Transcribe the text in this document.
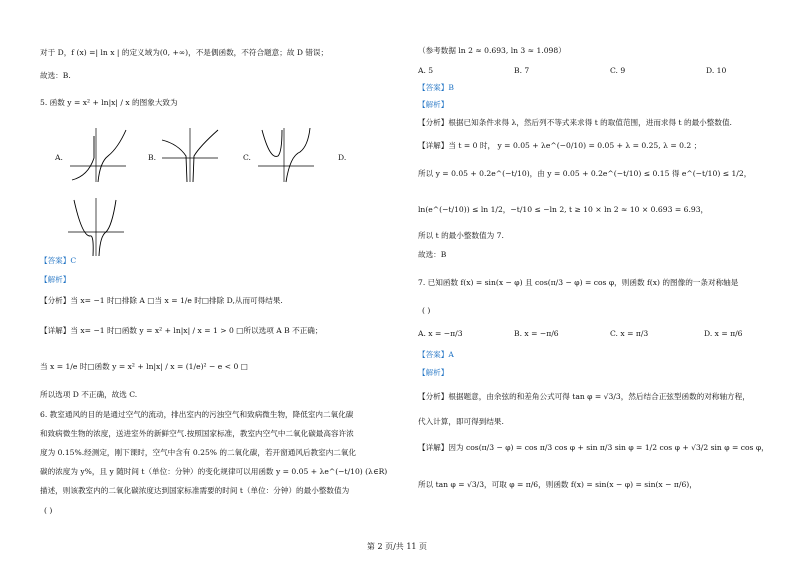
对于 D，f (x) =| ln x | 的定义域为(0, +∞)，不是偶函数，不符合题意；故 D 错误；
故选：B.
5. 函数 y = x² + ln|x| / x 的图象大致为
A.	B.	C.	D.
【答案】C
【解析】
【分析】当 x= −1 时□排除 A □当 x = 1/e 时□排除 D,从而可得结果.
【详解】当 x= −1 时□函数 y = x² + ln|x| / x = 1 > 0 □所以选项 A B 不正确；
当 x = 1/e 时□函数 y = x² + ln|x| / x = (1/e)² − e < 0 □
所以选项 D 不正确，故选 C.
6. 教室通风的目的是通过空气的流动，排出室内的污浊空气和致病微生物，降低室内二氧化碳
和致病微生物的浓度，送进室外的新鲜空气.按照国家标准，教室内空气中二氧化碳最高容许浓
度为 0.15%.经测定，刚下课时，空气中含有 0.25% 的二氧化碳，若开窗通风后教室内二氧化
碳的浓度为 y%，且 y 随时间 t（单位：分钟）的变化规律可以用函数 y = 0.05 + λe^(−t/10) (λ∈R)
描述，则该教室内的二氧化碳浓度达到国家标准需要的时间 t（单位：分钟）的最小整数值为
( )
（参考数据 ln 2 ≈ 0.693, ln 3 ≈ 1.098）
A. 5	B. 7	C. 9	D. 10
【答案】B
【解析】
【分析】根据已知条件求得 λ，然后列不等式来求得 t 的取值范围，进而求得 t 的最小整数值.
【详解】当 t = 0 时， y = 0.05 + λe^(−0/10) = 0.05 + λ = 0.25, λ = 0.2 ；
所以 y = 0.05 + 0.2e^(−t/10)，由 y = 0.05 + 0.2e^(−t/10) ≤ 0.15 得 e^(−t/10) ≤ 1/2，
ln(e^(−t/10)) ≤ ln 1/2，−t/10 ≤ −ln 2, t ≥ 10 × ln 2 ≈ 10 × 0.693 = 6.93，
所以 t 的最小整数值为 7.
故选：B
7. 已知函数 f(x) = sin(x − φ) 且 cos(π/3 − φ) = cos φ，则函数 f(x) 的图像的一条对称轴是
( )
A. x = −π/3	B. x = −π/6	C. x = π/3	D. x = π/6
【答案】A
【解析】
【分析】根据题意，由余弦的和差角公式可得 tan φ = √3/3，然后结合正弦型函数的对称轴方程，
代入计算，即可得到结果.
【详解】因为 cos(π/3 − φ) = cos π/3 cos φ + sin π/3 sin φ = 1/2 cos φ + √3/2 sin φ = cos φ，
所以 tan φ = √3/3，可取 φ = π/6，则函数 f(x) = sin(x − φ) = sin(x − π/6)，
第 2 页/共 11 页
